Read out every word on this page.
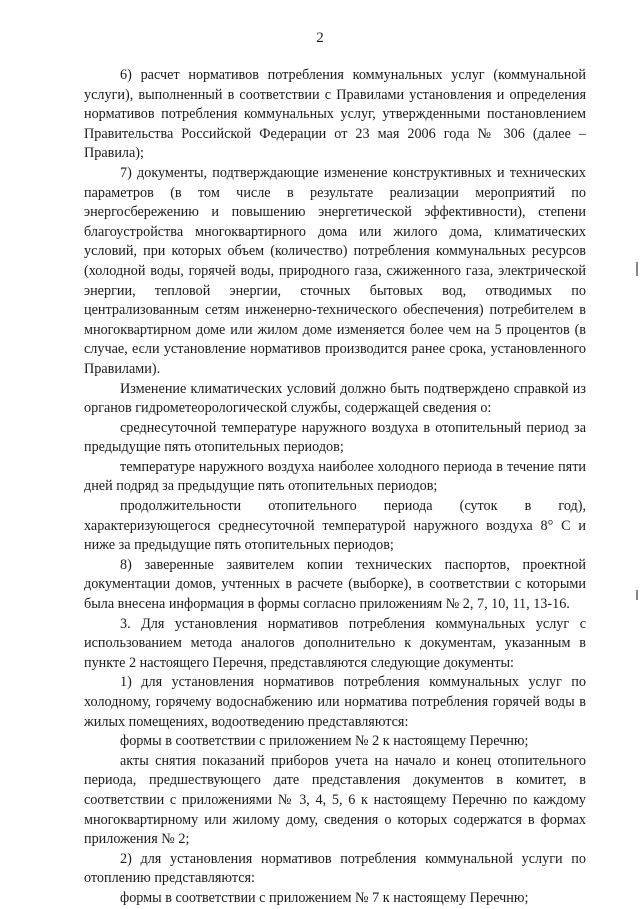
2

6) расчет нормативов потребления коммунальных услуг (коммунальной услуги), выполненный в соответствии с Правилами установления и определения нормативов потребления коммунальных услуг, утвержденными постановлением Правительства Российской Федерации от 23 мая 2006 года № 306 (далее – Правила);

7) документы, подтверждающие изменение конструктивных и технических параметров (в том числе в результате реализации мероприятий по энергосбережению и повышению энергетической эффективности), степени благоустройства многоквартирного дома или жилого дома, климатических условий, при которых объем (количество) потребления коммунальных ресурсов (холодной воды, горячей воды, природного газа, сжиженного газа, электрической энергии, тепловой энергии, сточных бытовых вод, отводимых по централизованным сетям инженерно-технического обеспечения) потребителем в многоквартирном доме или жилом доме изменяется более чем на 5 процентов (в случае, если установление нормативов производится ранее срока, установленного Правилами).

Изменение климатических условий должно быть подтверждено справкой из органов гидрометеорологической службы, содержащей сведения о:

среднесуточной температуре наружного воздуха в отопительный период за предыдущие пять отопительных периодов;

температуре наружного воздуха наиболее холодного периода в течение пяти дней подряд за предыдущие пять отопительных периодов;

продолжительности отопительного периода (суток в год), характеризующегося среднесуточной температурой наружного воздуха 8° С и ниже за предыдущие пять отопительных периодов;

8) заверенные заявителем копии технических паспортов, проектной документации домов, учтенных в расчете (выборке), в соответствии с которыми была внесена информация в формы согласно приложениям № 2, 7, 10, 11, 13-16.

3. Для установления нормативов потребления коммунальных услуг с использованием метода аналогов дополнительно к документам, указанным в пункте 2 настоящего Перечня, представляются следующие документы:

1) для установления нормативов потребления коммунальных услуг по холодному, горячему водоснабжению или норматива потребления горячей воды в жилых помещениях, водоотведению представляются:

формы в соответствии с приложением № 2 к настоящему Перечню;

акты снятия показаний приборов учета на начало и конец отопительного периода, предшествующего дате представления документов в комитет, в соответствии с приложениями № 3, 4, 5, 6 к настоящему Перечню по каждому многоквартирному или жилому дому, сведения о которых содержатся в формах приложения № 2;

2) для установления нормативов потребления коммунальной услуги по отоплению представляются:

формы в соответствии с приложением № 7 к настоящему Перечню;
